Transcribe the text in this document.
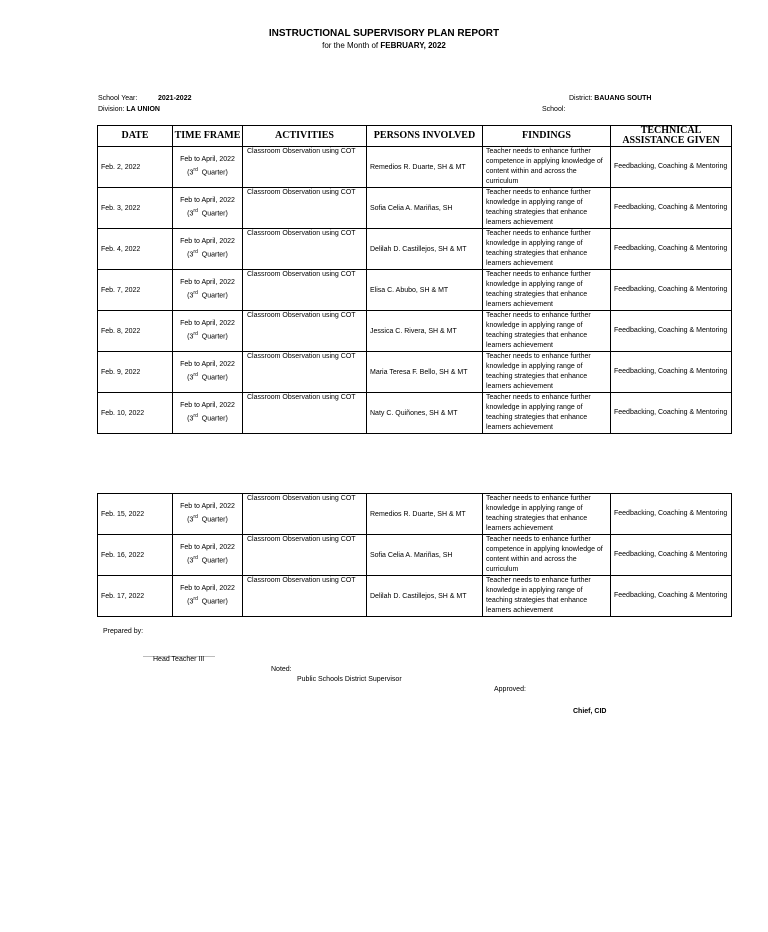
INSTRUCTIONAL SUPERVISORY PLAN REPORT
for the Month of FEBRUARY, 2022
School Year:	2021-2022
Division: LA UNION
District: BAUANG SOUTH
School:
DATE	TIME FRAME	ACTIVITIES	PERSONS INVOLVED	FINDINGS	TECHNICAL ASSISTANCE GIVEN
Feb. 2, 2022	Feb to April, 2022
(3rd Quarter)	Classroom Observation using COT	Remedios R. Duarte, SH & MT	Teacher needs to enhance further competence in applying knowledge of content within and across the curriculum	Feedbacking, Coaching & Mentoring
Feb. 3, 2022	Feb to April, 2022
(3rd Quarter)	Classroom Observation using COT	Sofia Celia A. Mariñas, SH	Teacher needs to enhance further knowledge in applying range of teaching strategies that enhance learners achievement	Feedbacking, Coaching & Mentoring
Feb. 4, 2022	Feb to April, 2022
(3rd Quarter)	Classroom Observation using COT	Delilah D. Castillejos, SH & MT	Teacher needs to enhance further knowledge in applying range of teaching strategies that enhance learners achievement	Feedbacking, Coaching & Mentoring
Feb. 7, 2022	Feb to April, 2022
(3rd Quarter)	Classroom Observation using COT	Elisa C. Abubo, SH & MT	Teacher needs to enhance further knowledge in applying range of teaching strategies that enhance learners achievement	Feedbacking, Coaching & Mentoring
Feb. 8, 2022	Feb to April, 2022
(3rd Quarter)	Classroom Observation using COT	Jessica C. Rivera, SH & MT	Teacher needs to enhance further knowledge in applying range of teaching strategies that enhance learners achievement	Feedbacking, Coaching & Mentoring
Feb. 9, 2022	Feb to April, 2022
(3rd Quarter)	Classroom Observation using COT	Maria Teresa F. Bello, SH & MT	Teacher needs to enhance further knowledge in applying range of teaching strategies that enhance learners achievement	Feedbacking, Coaching & Mentoring
Feb. 10, 2022	Feb to April, 2022
(3rd Quarter)	Classroom Observation using COT	Naty C. Quiñones, SH & MT	Teacher needs to enhance further knowledge in applying range of teaching strategies that enhance learners achievement	Feedbacking, Coaching & Mentoring
Feb. 15, 2022	Feb to April, 2022
(3rd Quarter)	Classroom Observation using COT	Remedios R. Duarte, SH & MT	Teacher needs to enhance further knowledge in applying range of teaching strategies that enhance learners achievement	Feedbacking, Coaching & Mentoring
Feb. 16, 2022	Feb to April, 2022
(3rd Quarter)	Classroom Observation using COT	Sofia Celia A. Mariñas, SH	Teacher needs to enhance further competence in applying knowledge of content within and across the curriculum	Feedbacking, Coaching & Mentoring
Feb. 17, 2022	Feb to April, 2022
(3rd Quarter)	Classroom Observation using COT	Delilah D. Castillejos, SH & MT	Teacher needs to enhance further knowledge in applying range of teaching strategies that enhance learners achievement	Feedbacking, Coaching & Mentoring
Prepared by:
Head Teacher III
Noted:
Public Schools District Supervisor
Approved:
Chief, CID
